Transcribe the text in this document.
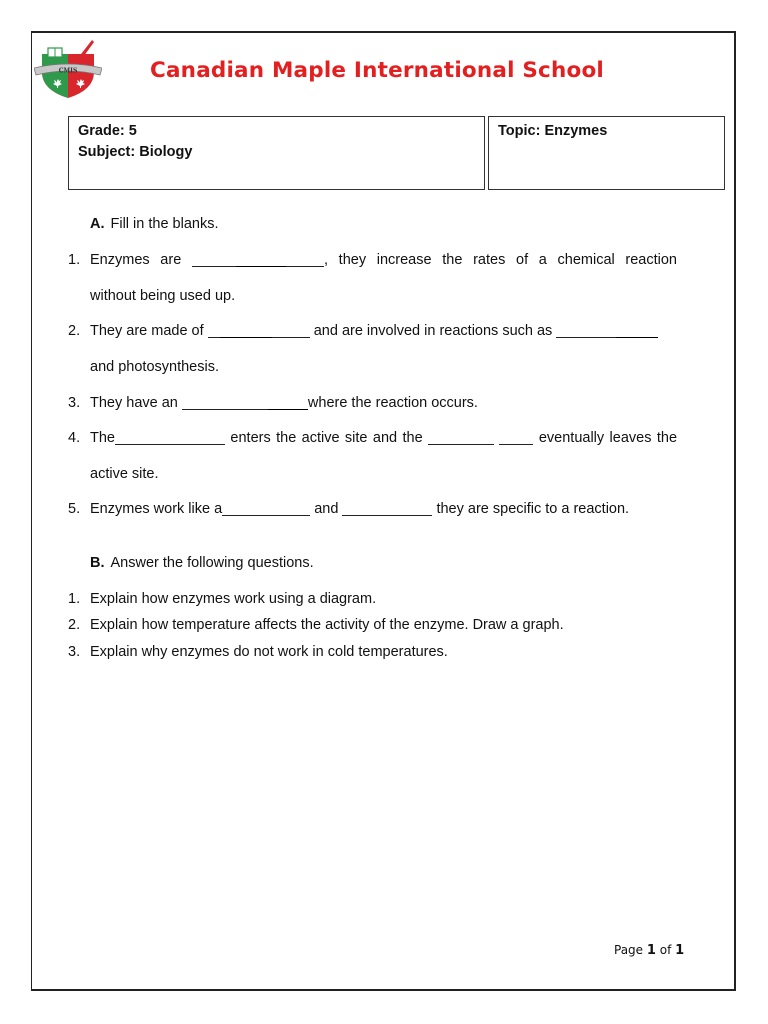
CMIS	Canadian Maple International School
Grade: 5
Subject: Biology
Topic: Enzymes
A. Fill in the blanks.
1. Enzymes are	, they increase the rates of a chemical reaction
without being used up.
2. They are made of	and are involved in reactions such as
and photosynthesis.
3. They have an	where the reaction occurs.
4. The	enters the active site and the	eventually leaves the
active site.
5. Enzymes work like a	and	they are specific to a reaction.
B. Answer the following questions.
1. Explain how enzymes work using a diagram.
2. Explain how temperature affects the activity of the enzyme. Draw a graph.
3. Explain why enzymes do not work in cold temperatures.
Page 1 of 1
